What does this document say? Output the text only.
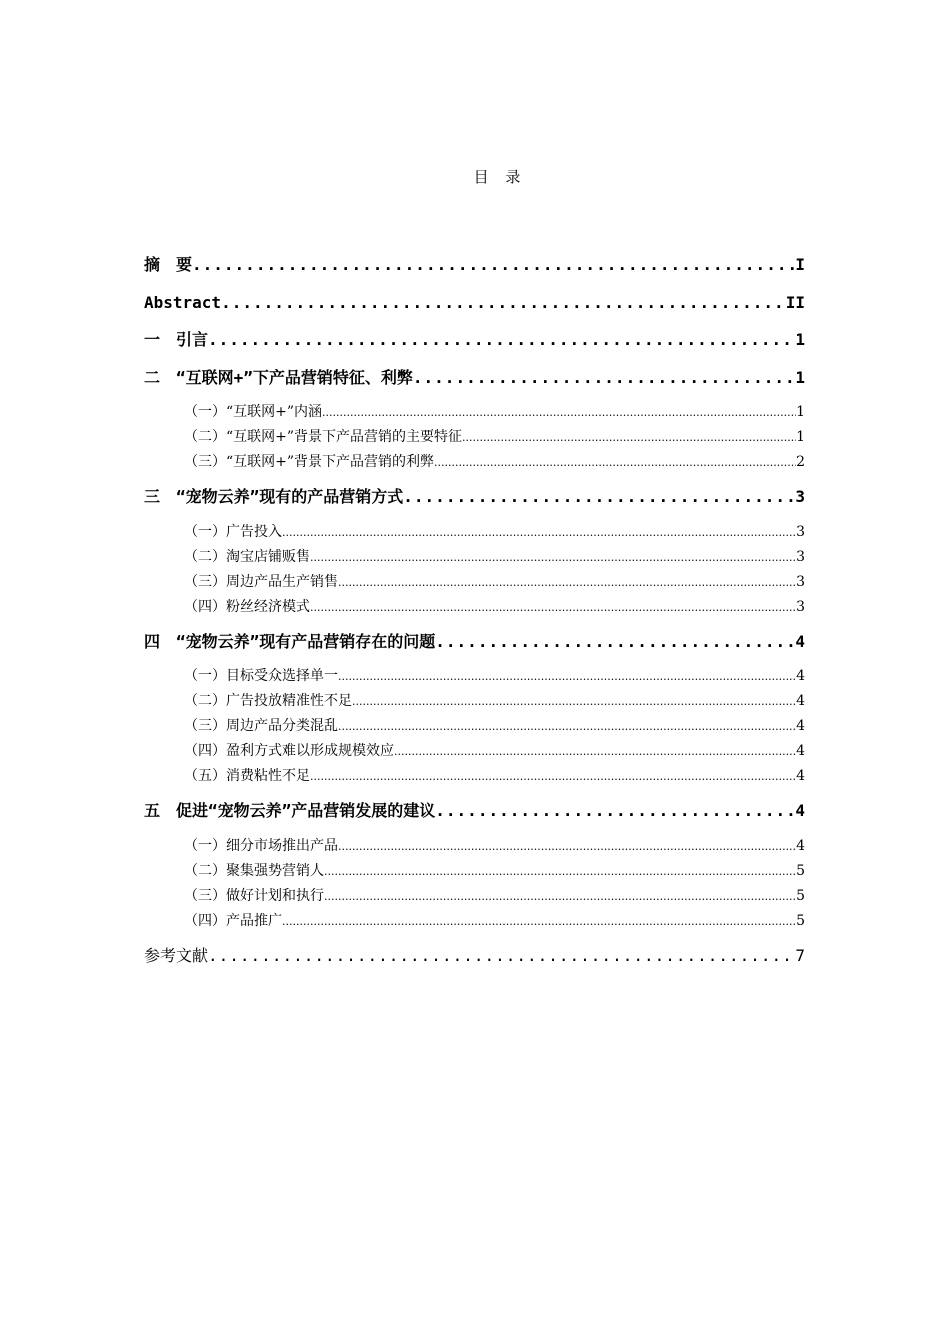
目 录
摘　要 .....	I
Abstract .....	II
一　引言 .....	1
二　“互联网+”下产品营销特征、利弊 .....	1
（一）“互联网+”内涵 .....	1
（二）“互联网+”背景下产品营销的主要特征 .....	1
（三）“互联网+”背景下产品营销的利弊 .....	2
三　“宠物云养”现有的产品营销方式 .....	3
（一）广告投入 .....	3
（二）淘宝店铺贩售 .....	3
（三）周边产品生产销售 .....	3
（四）粉丝经济模式 .....	3
四　“宠物云养”现有产品营销存在的问题 .....	4
（一）目标受众选择单一 .....	4
（二）广告投放精准性不足 .....	4
（三）周边产品分类混乱 .....	4
（四）盈利方式难以形成规模效应 .....	4
（五）消费粘性不足 .....	4
五　促进“宠物云养”产品营销发展的建议 .....	4
（一）细分市场推出产品 .....	4
（二）聚集强势营销人 .....	5
（三）做好计划和执行 .....	5
（四）产品推广 .....	5
参考文献 .....	7
